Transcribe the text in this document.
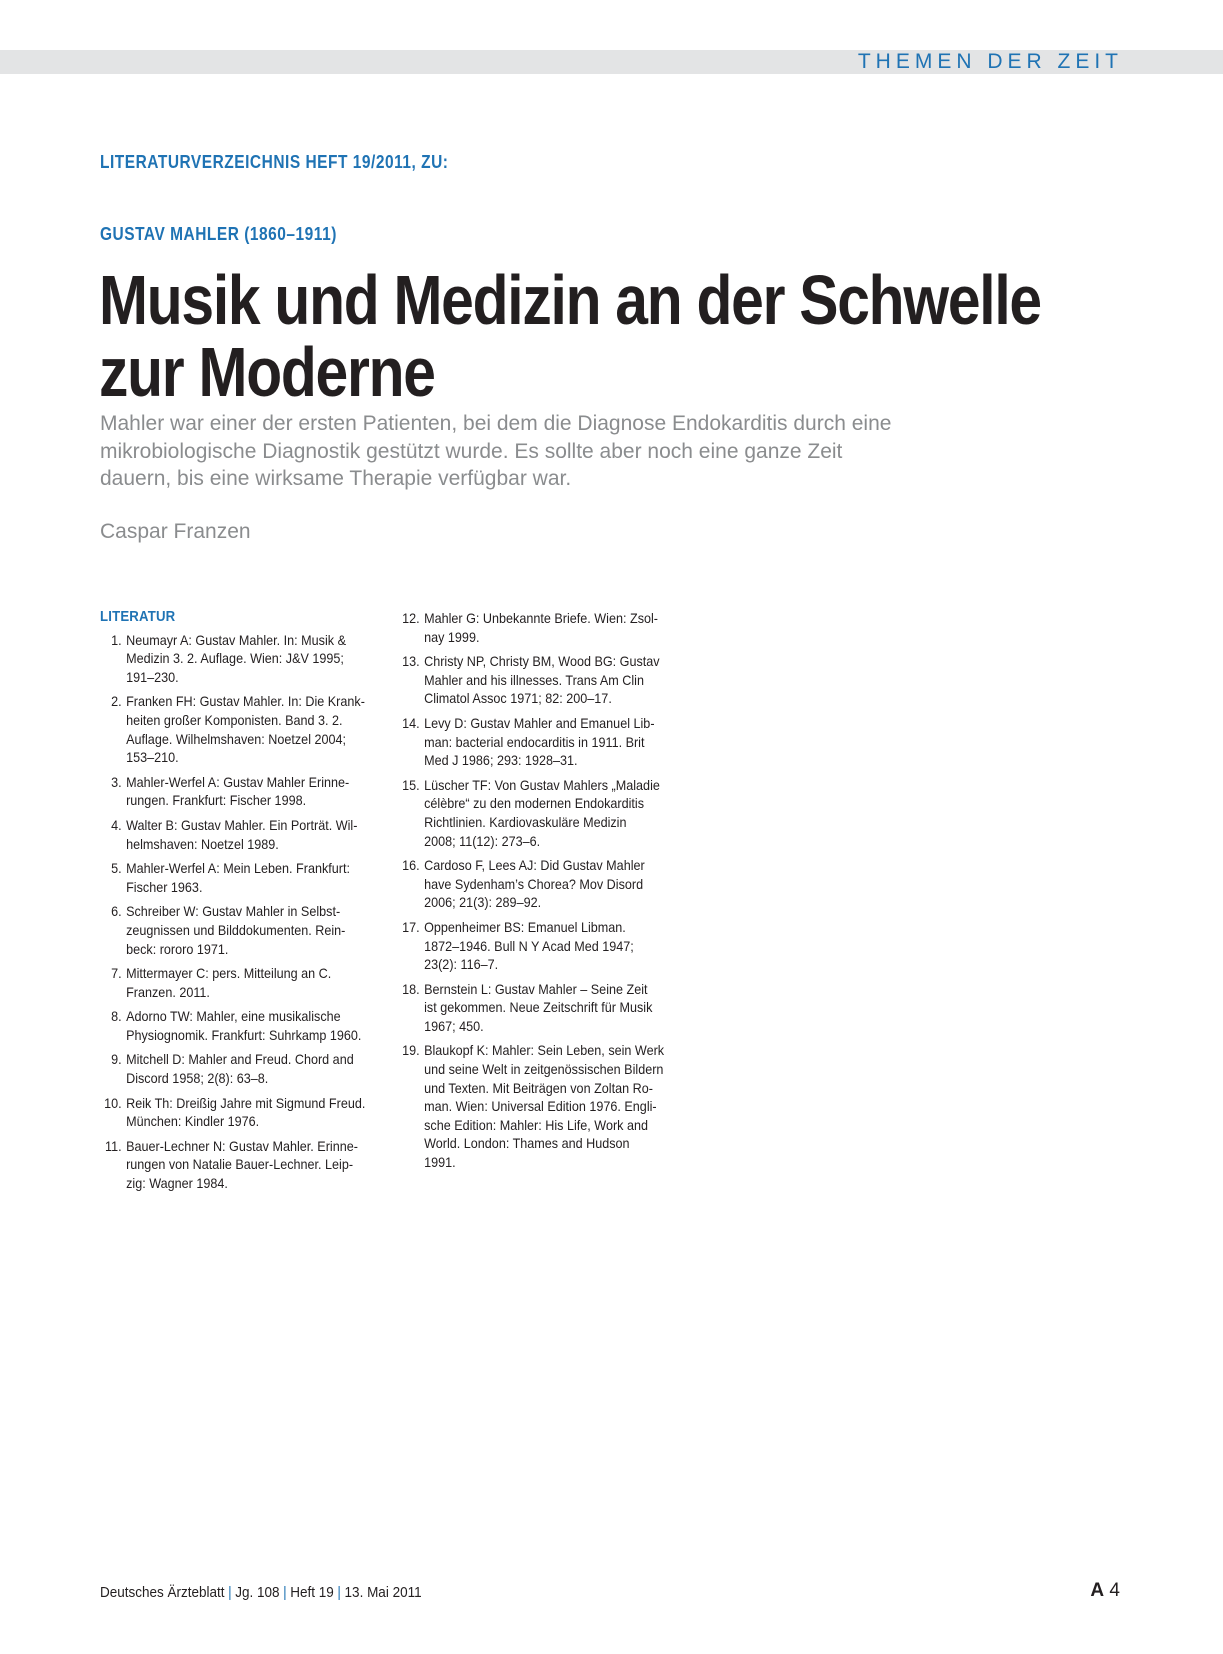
THEMEN DER ZEIT
LITERATURVERZEICHNIS HEFT 19/2011, ZU:
GUSTAV MAHLER (1860–1911)
Musik und Medizin an der Schwelle
zur Moderne
Mahler war einer der ersten Patienten, bei dem die Diagnose Endokarditis durch eine mikrobiologische Diagnostik gestützt wurde. Es sollte aber noch eine ganze Zeit dauern, bis eine wirksame Therapie verfügbar war.
Caspar Franzen
LITERATUR
1. Neumayr A: Gustav Mahler. In: Musik &
Medizin 3. 2. Auflage. Wien: J&V 1995;
191–230.
2. Franken FH: Gustav Mahler. In: Die Krank-
heiten großer Komponisten. Band 3. 2.
Auflage. Wilhelmshaven: Noetzel 2004;
153–210.
3. Mahler-Werfel A: Gustav Mahler Erinne-
rungen. Frankfurt: Fischer 1998.
4. Walter B: Gustav Mahler. Ein Porträt. Wil-
helmshaven: Noetzel 1989.
5. Mahler-Werfel A: Mein Leben. Frankfurt:
Fischer 1963.
6. Schreiber W: Gustav Mahler in Selbst-
zeugnissen und Bilddokumenten. Rein-
beck: rororo 1971.
7. Mittermayer C: pers. Mitteilung an C.
Franzen. 2011.
8. Adorno TW: Mahler, eine musikalische
Physiognomik. Frankfurt: Suhrkamp 1960.
9. Mitchell D: Mahler and Freud. Chord and
Discord 1958; 2(8): 63–8.
10. Reik Th: Dreißig Jahre mit Sigmund Freud.
München: Kindler 1976.
11. Bauer-Lechner N: Gustav Mahler. Erinne-
rungen von Natalie Bauer-Lechner. Leip-
zig: Wagner 1984.
12. Mahler G: Unbekannte Briefe. Wien: Zsol-
nay 1999.
13. Christy NP, Christy BM, Wood BG: Gustav
Mahler and his illnesses. Trans Am Clin
Climatol Assoc 1971; 82: 200–17.
14. Levy D: Gustav Mahler and Emanuel Lib-
man: bacterial endocarditis in 1911. Brit
Med J 1986; 293: 1928–31.
15. Lüscher TF: Von Gustav Mahlers „Maladie
célèbre“ zu den modernen Endokarditis
Richtlinien. Kardiovaskuläre Medizin
2008; 11(12): 273–6.
16. Cardoso F, Lees AJ: Did Gustav Mahler
have Sydenham’s Chorea? Mov Disord
2006; 21(3): 289–92.
17. Oppenheimer BS: Emanuel Libman.
1872–1946. Bull N Y Acad Med 1947;
23(2): 116–7.
18. Bernstein L: Gustav Mahler – Seine Zeit
ist gekommen. Neue Zeitschrift für Musik
1967; 450.
19. Blaukopf K: Mahler: Sein Leben, sein Werk
und seine Welt in zeitgenössischen Bildern
und Texten. Mit Beiträgen von Zoltan Ro-
man. Wien: Universal Edition 1976. Engli-
sche Edition: Mahler: His Life, Work and
World. London: Thames and Hudson
1991.
Deutsches Ärzteblatt | Jg. 108 | Heft 19 | 13. Mai 2011	A 4
